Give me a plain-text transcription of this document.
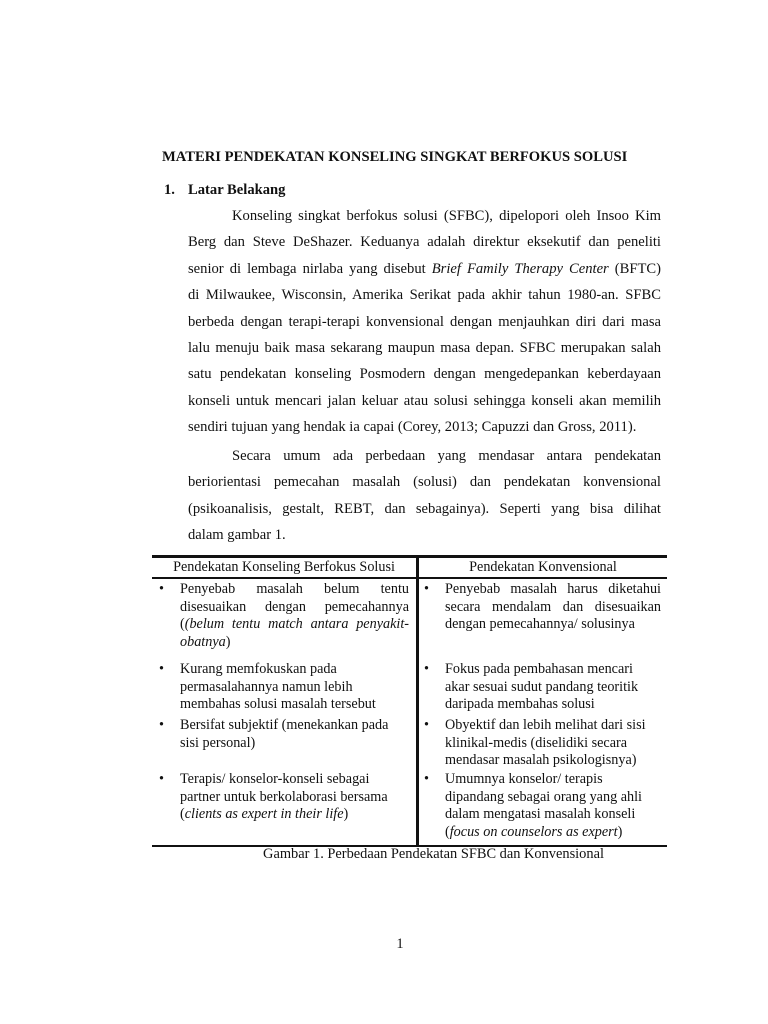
MATERI PENDEKATAN KONSELING SINGKAT BERFOKUS SOLUSI
1. Latar Belakang
Konseling singkat berfokus solusi (SFBC), dipelopori oleh Insoo Kim
Berg dan Steve DeShazer. Keduanya adalah direktur eksekutif dan peneliti
senior di lembaga nirlaba yang disebut Brief Family Therapy Center (BFTC)
di Milwaukee, Wisconsin, Amerika Serikat pada akhir tahun 1980-an. SFBC
berbeda dengan terapi-terapi konvensional dengan menjauhkan diri dari masa
lalu menuju baik masa sekarang maupun masa depan. SFBC merupakan salah
satu pendekatan konseling Posmodern dengan mengedepankan keberdayaan
konseli untuk mencari jalan keluar atau solusi sehingga konseli akan memilih
sendiri tujuan yang hendak ia capai (Corey, 2013; Capuzzi dan Gross, 2011).
Secara umum ada perbedaan yang mendasar antara pendekatan
beriorientasi pemecahan masalah (solusi) dan pendekatan konvensional
(psikoanalisis, gestalt, REBT, dan sebagainya). Seperti yang bisa dilihat
dalam gambar 1.
Pendekatan Konseling Berfokus Solusi	Pendekatan Konvensional
• Penyebab masalah belum tentu
disesuaikan dengan pemecahannya
((belum tentu match antara penyakit-
obatnya)
• Kurang memfokuskan pada
permasalahannya namun lebih
membahas solusi masalah tersebut
• Bersifat subjektif (menekankan pada
sisi personal)
• Terapis/ konselor-konseli sebagai
partner untuk berkolaborasi bersama
(clients as expert in their life)
• Penyebab masalah harus diketahui
secara mendalam dan disesuaikan
dengan pemecahannya/ solusinya
• Fokus pada pembahasan mencari
akar sesuai sudut pandang teoritik
daripada membahas solusi
• Obyektif dan lebih melihat dari sisi
klinikal-medis (diselidiki secara
mendasar masalah psikologisnya)
• Umumnya konselor/ terapis
dipandang sebagai orang yang ahli
dalam mengatasi masalah konseli
(focus on counselors as expert)
Gambar 1. Perbedaan Pendekatan SFBC dan Konvensional
1
